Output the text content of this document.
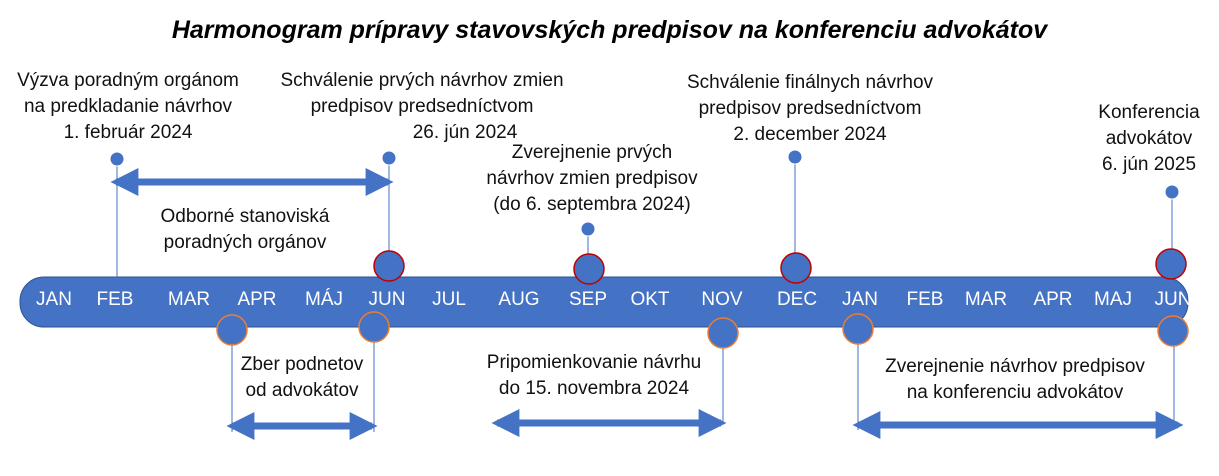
Harmonogram prípravy stavovských predpisov na konferenciu advokátov
JAN	FEB	MAR	APR	MÁJ	JUN	JUL	AUG	SEP	OKT	NOV	DEC	JAN	FEB	MAR	APR	MAJ	JUN
Výzva poradným orgánom
na predkladanie návrhov
1. február 2024
Schválenie prvých návrhov zmien
predpisov predsedníctvom
26. jún 2024
Zverejnenie prvých
návrhov zmien predpisov
(do 6. septembra 2024)
Schválenie finálnych návrhov
predpisov predsedníctvom
2. december 2024
Konferencia
advokátov
6. jún 2025
Odborné stanoviská
poradných orgánov
Zber podnetov
od advokátov
Pripomienkovanie návrhu
do 15. novembra 2024
Zverejnenie návrhov predpisov
na konferenciu advokátov
